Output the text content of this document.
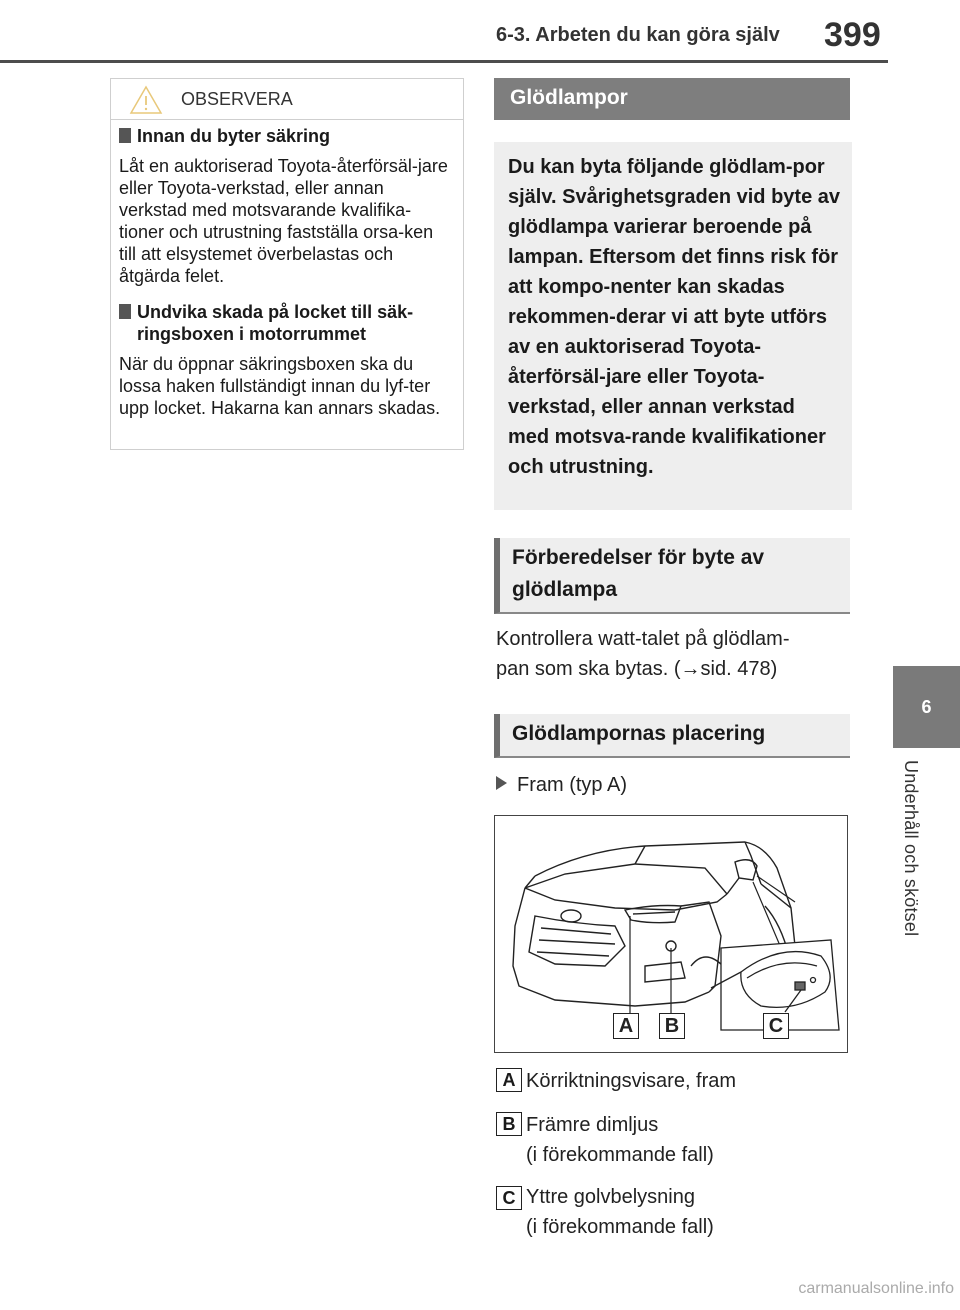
6-3. Arbeten du kan göra själv 399
6
Underhåll och skötsel
OBSERVERA
Innan du byter säkring
Låt en auktoriserad Toyota-återförsäl-jare eller Toyota-verkstad, eller annan verkstad med motsvarande kvalifika-tioner och utrustning fastställa orsa-ken till att elsystemet överbelastas och åtgärda felet.
Undvika skada på locket till säk-ringsboxen i motorrummet
När du öppnar säkringsboxen ska du lossa haken fullständigt innan du lyf-ter upp locket. Hakarna kan annars skadas.
Glödlampor
Du kan byta följande glödlam-por själv. Svårighetsgraden vid byte av glödlampa varierar beroende på lampan. Eftersom det finns risk för att kompo-nenter kan skadas rekommen-derar vi att byte utförs av en auktoriserad Toyota-återförsäl-jare eller Toyota-verkstad, eller annan verkstad med motsva-rande kvalifikationer och utrustning.
Förberedelser för byte av
glödlampa
Kontrollera watt-talet på glödlam-
pan som ska bytas. (→sid. 478)
Glödlampornas placering
Fram (typ A)
A B	C
A Körriktningsvisare, fram
B Främre dimljus
(i förekommande fall)
C Yttre golvbelysning
(i förekommande fall)
carmanualsonline.info
